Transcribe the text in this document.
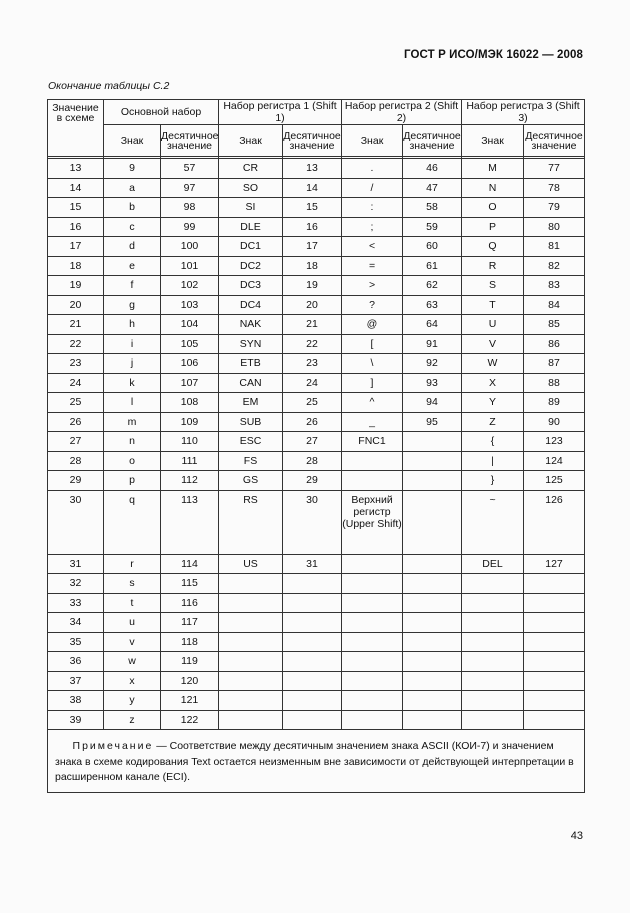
ГОСТ Р ИСО/МЭК 16022 — 2008
Окончание таблицы С.2
Значение в схеме	Основной набор		Набор регистра 1 (Shift 1)		Набор регистра 2 (Shift 2)		Набор регистра 3 (Shift 3)	
	Знак	Десятичное значение	Знак	Десятичное значение	Знак	Десятичное значение	Знак	Десятичное значение

13	9	57	CR	13	.	46	M	77
14	a	97	SO	14	/	47	N	78
15	b	98	SI	15	:	58	O	79
16	c	99	DLE	16	;	59	P	80
17	d	100	DC1	17	<	60	Q	81
18	e	101	DC2	18	=	61	R	82
19	f	102	DC3	19	>	62	S	83
20	g	103	DC4	20	?	63	T	84
21	h	104	NAK	21	@	64	U	85
22	i	105	SYN	22	[	91	V	86
23	j	106	ETB	23	\	92	W	87
24	k	107	CAN	24	]	93	X	88
25	l	108	EM	25	^	94	Y	89
26	m	109	SUB	26	_	95	Z	90
27	n	110	ESC	27	FNC1		{	123
28	o	111	FS	28			|	124
29	p	112	GS	29			}	125
30	q	113	RS	30	Верхний регистр (Upper Shift)		~	126
31	r	114	US	31			DEL	127
32	s	115						
33	t	116						
34	u	117						
35	v	118						
36	w	119						
37	x	120						
38	y	121						
39	z	122						
Примечание — Соответствие между десятичным значением знака ASCII (КОИ-7) и значением знака в схеме кодирования Text остается неизменным вне зависимости от действующей интерпретации в расширенном канале (ECI).								
43
